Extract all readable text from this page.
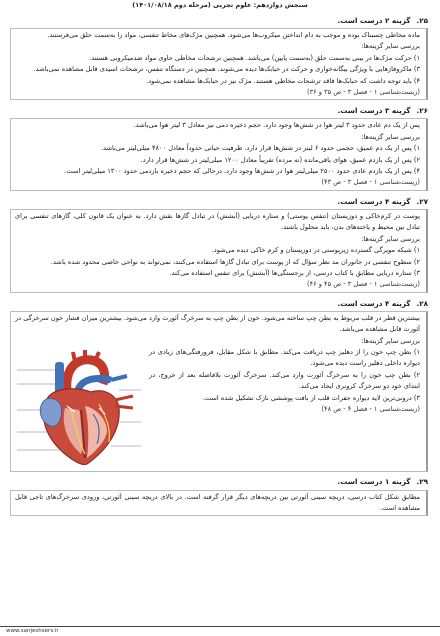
سنجش دوازدهم: علوم تجربی (مرحله دوم ۱۴۰۱/۰۸/۱۸)
۲۵.
گزینه ۲ درست است.

ماده مخاطی چسبناک بوده و موجب به دام انداختن میکروب‌ها می‌شود. همچنین مژک‌های مخاط تنفسی، مواد را به‌سمت حلق می‌فرستند.

بررسی سایر گزینه‌ها:

۱) حرکت مژک‌ها در بینی به‌سمت حلق (به‌سمت پایین) می‌باشد. همچنین ترشحات مخاطی حاوی مواد ضدمیکروبی هستند.

۳) ماکروفاژهایی با ویژگی بیگانه‌خواری و حرکت در حبابک‌ها دیده می‌شوند. همچنین در دستگاه تنفس، ترشحات اسیدی قابل مشاهده نمی‌باشد.

۴) باید توجه داشت که حبابک‌ها فاقد ترشحات مخاطی هستند. مژک نیز در حبابک‌ها مشاهده نمی‌شود.

(زیست‌شناسی ۱ - فصل ۳ - ص ۳۵ و ۳۶)

۲۶.
گزینه ۳ درست است.

پس از یک دم عادی حدود ۳ لیتر هوا در شش‌ها وجود دارد. حجم ذخیره دمی نیز معادل ۳ لیتر هوا می‌باشد.

بررسی سایر گزینه‌ها:

۱) پس از یک دم عمیق، حجمی حدود ۶ لیتر در شش‌ها قرار دارد. ظرفیت حیاتی حدوداً معادل ۴۸۰۰ میلی‌لیتر می‌باشد.

۲) پس از یک بازدم عمیق، هوای باقی‌مانده (نه مرده) تقریباً معادل ۱۲۰۰ میلی‌لیتر در شش‌ها قرار دارد.

۴) پس از یک بازدم عادی حدود ۲۵۰۰ میلی‌لیتر هوا در شش‌ها وجود دارد. درحالی که حجم ذخیره بازدمی حدود ۱۳۰۰ میلی‌لیتر است.

(زیست‌شناسی ۱ - فصل ۳ - ص ۴۳)

۲۷.
گزینه ۴ درست است.

پوست در کرم‌خاکی و دوزیستان (تنفس پوستی) و ستاره دریایی (آبشش) در تبادل گازها نقش دارد. به عنوان یک قانون کلی، گازهای تنفسی برای تبادل بین محیط و یاخته‌های بدن، باید محلول باشند.

بررسی سایر گزینه‌ها:

۱) شبکه مویرگی گسترده زیرپوستی در دوزیستان و کرم خاکی دیده می‌شود.

۲) سطوح تنفسی در جانوران مد نظر سؤال که از پوست برای تبادل گازها استفاده می‌کنند، نمی‌تواند به نواحی خاصی محدود شده باشد.

۳) ستاره دریایی مطابق با کتاب درسی، از برجستگی‌ها (آبشش) برای تنفس استفاده می‌کند.

(زیست‌شناسی ۱ - فصل ۳ - ص ۴۵ و ۴۶)

۲۸.
گزینه ۴ درست است.

بیشترین قطر در قلب مربوط به بطن چپ ساخته می‌شود. خون از بطن چپ به سرخرگ آئورت وارد می‌شود. بیشترین میزان فشار خون سرخرگی در آئورت قابل مشاهده می‌باشد.

بررسی سایر گزینه‌ها:

۱) بطن چپ خون را از دهلیز چپ دریافت می‌کند. مطابق با شکل مقابل، فرورفتگی‌های زیادی در دیواره داخلی دهلیز راست دیده می‌شود.

۲) بطن چپ خون را به سرخرگ آئورت وارد می‌کند. سرخرگ آئورت بلافاصله بعد از خروج، در ابتدای خود دو سرخرگ کرونری ایجاد می‌کند.

۳) درونی‌ترین لایه دیواره حفرات قلب از بافت پوششی نازک تشکیل شده است.

(زیست‌شناسی ۱ - فصل ۴ - ص ۴۸)

۲۹.
گزینه ۱ درست است.

مطابق شکل کتاب درسی، دریچه سینی آئورتی بین دریچه‌های دیگر قرار گرفته است. در بالای دریچه سینی آئورتی، ورودی سرخرگ‌های تاجی قابل مشاهده است.

www.sanjeshserv.ir
